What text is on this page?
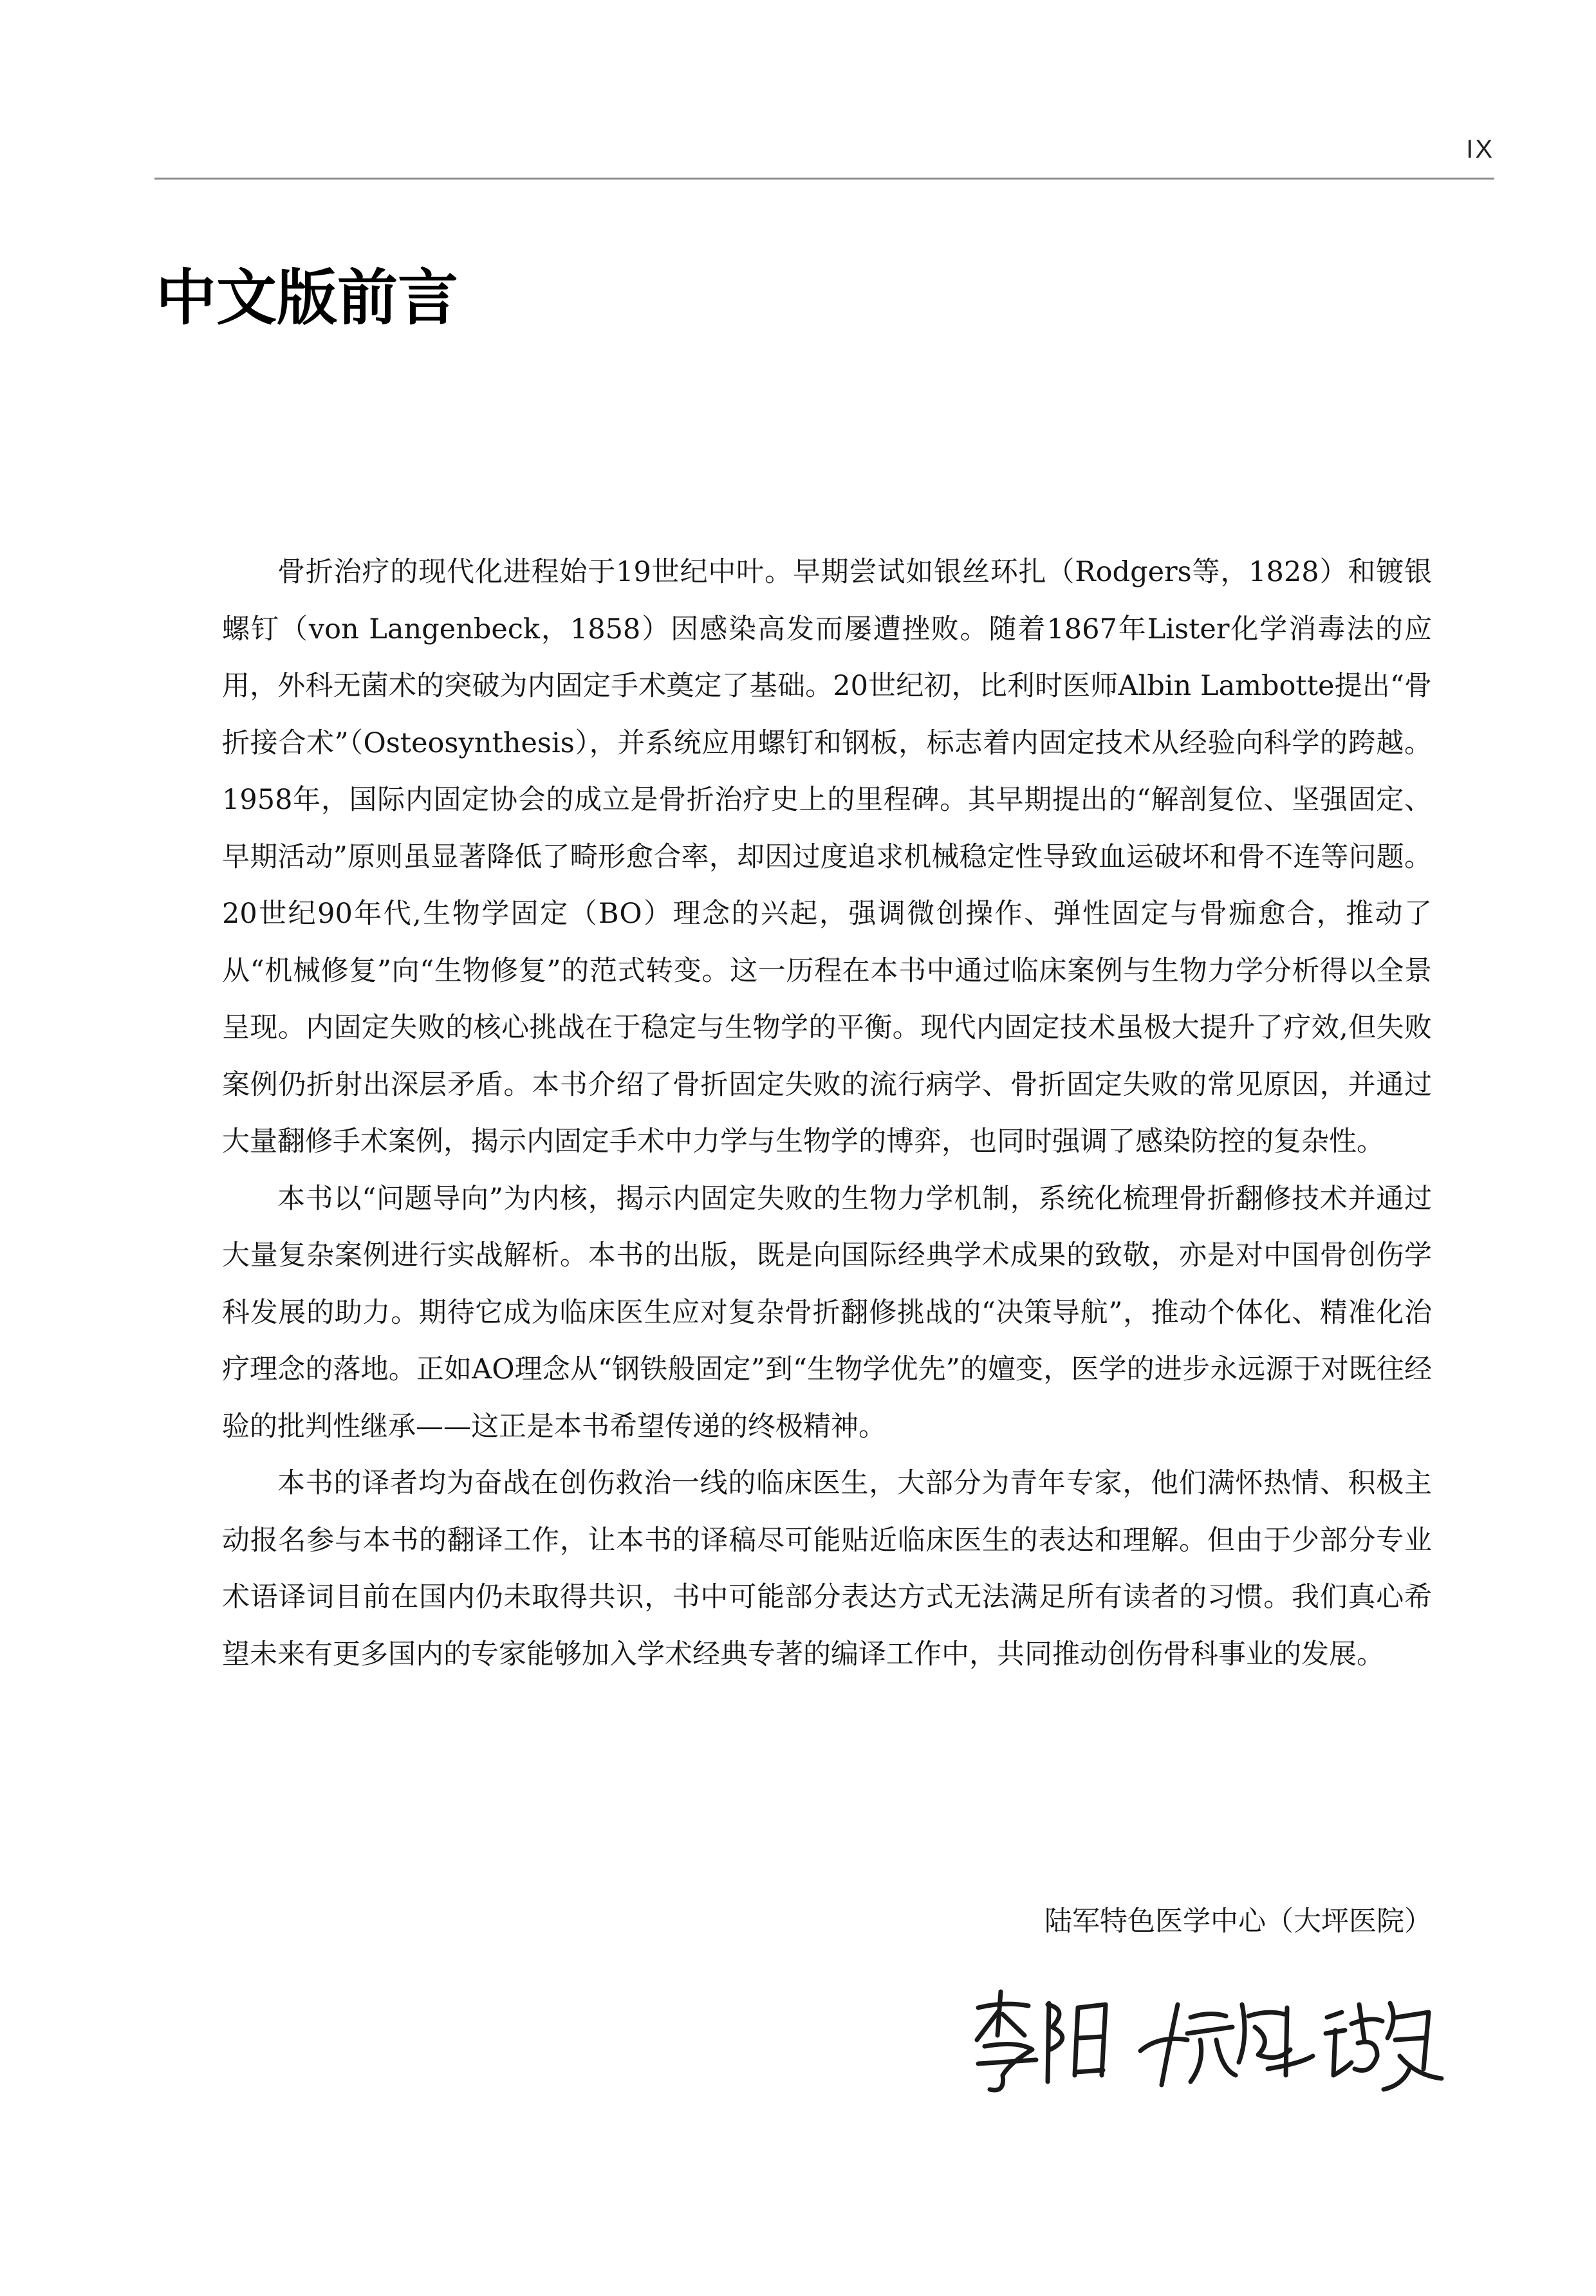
IX
中文版前言

骨折治疗的现代化进程始于19世纪中叶。早期尝试如银丝环扎（Rodgers等，1828）和镀银螺钉（von Langenbeck，1858）因感染高发而屡遭挫败。随着1867年Lister化学消毒法的应用，外科无菌术的突破为内固定手术奠定了基础。20世纪初，比利时医师Albin Lambotte提出“骨折接合术”（Osteosynthesis），并系统应用螺钉和钢板，标志着内固定技术从经验向科学的跨越。1958年，国际内固定协会的成立是骨折治疗史上的里程碑。其早期提出的“解剖复位、坚强固定、早期活动”原则虽显著降低了畸形愈合率，却因过度追求机械稳定性导致血运破坏和骨不连等问题。20世纪90年代,生物学固定（BO）理念的兴起，强调微创操作、弹性固定与骨痂愈合，推动了从“机械修复”向“生物修复”的范式转变。这一历程在本书中通过临床案例与生物力学分析得以全景呈现。内固定失败的核心挑战在于稳定与生物学的平衡。现代内固定技术虽极大提升了疗效,但失败案例仍折射出深层矛盾。本书介绍了骨折固定失败的流行病学、骨折固定失败的常见原因，并通过大量翻修手术案例，揭示内固定手术中力学与生物学的博弈，也同时强调了感染防控的复杂性。

本书以“问题导向”为内核，揭示内固定失败的生物力学机制，系统化梳理骨折翻修技术并通过大量复杂案例进行实战解析。本书的出版，既是向国际经典学术成果的致敬，亦是对中国骨创伤学科发展的助力。期待它成为临床医生应对复杂骨折翻修挑战的“决策导航”，推动个体化、精准化治疗理念的落地。正如AO理念从“钢铁般固定”到“生物学优先”的嬗变，医学的进步永远源于对既往经验的批判性继承——这正是本书希望传递的终极精神。

本书的译者均为奋战在创伤救治一线的临床医生，大部分为青年专家，他们满怀热情、积极主动报名参与本书的翻译工作，让本书的译稿尽可能贴近临床医生的表达和理解。但由于少部分专业术语译词目前在国内仍未取得共识，书中可能部分表达方式无法满足所有读者的习惯。我们真心希望未来有更多国内的专家能够加入学术经典专著的编译工作中，共同推动创伤骨科事业的发展。

陆军特色医学中心（大坪医院）
